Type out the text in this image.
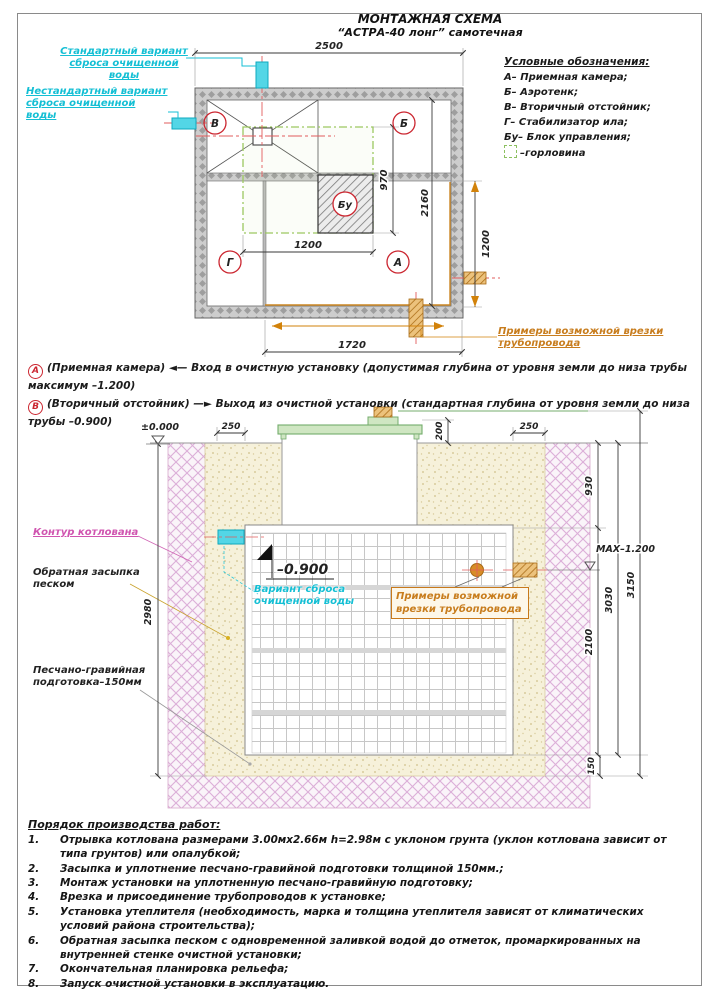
2500
970
2160
1200	1200
1720
В	Б
Г	А
Бу
–0.900
±0.000
MAX–1.200
250	200	250
930
2100
150
3030
3150
2980
МОНТАЖНАЯ СХЕМА
“АСТРА-40 лонг” самотечная
Условные обозначения:
А– Приемная камера;
Б– Аэротенк;
В– Вторичный отстойник;
Г– Стабилизатор ила;
Бу– Блок управления;
–горловина
Стандартный вариант сброса очищенной воды
Нестандартный вариант сброса очищенной воды
Примеры возможной врезки трубопровода

А (Приемная камера) ◄— Вход в очистную установку (допустимая глубина от уровня земли до низа трубы максимум –1.200)

В (Вторичный отстойник) —► Выход из очистной установки (стандартная глубина от уровня земли до низа трубы –0.900)

Контур котлована
Обратная засыпка песком
Песчано-гравийная подготовка–150мм
Вариант сброса очищенной воды	Примеры возможной врезки трубопровода
Порядок производства работ:
1.	Отрывка котлована размерами 3.00мх2.66м h=2.98м с уклоном грунта (уклон котлована зависит от типа грунтов) или опалубкой;
2.	Засыпка и уплотнение песчано-гравийной подготовки толщиной 150мм.;
3.	Монтаж установки на уплотненную песчано-гравийную подготовку;
4.	Врезка и присоединение трубопроводов к установке;
5.	Установка утеплителя (необходимость, марка и толщина утеплителя зависят от климатических условий района строительства);
6.	Обратная засыпка песком с одновременной заливкой водой до отметок, промаркированных на внутренней стенке очистной установки;
7.	Окончательная планировка рельефа;
8.	Запуск очистной установки в эксплуатацию.
